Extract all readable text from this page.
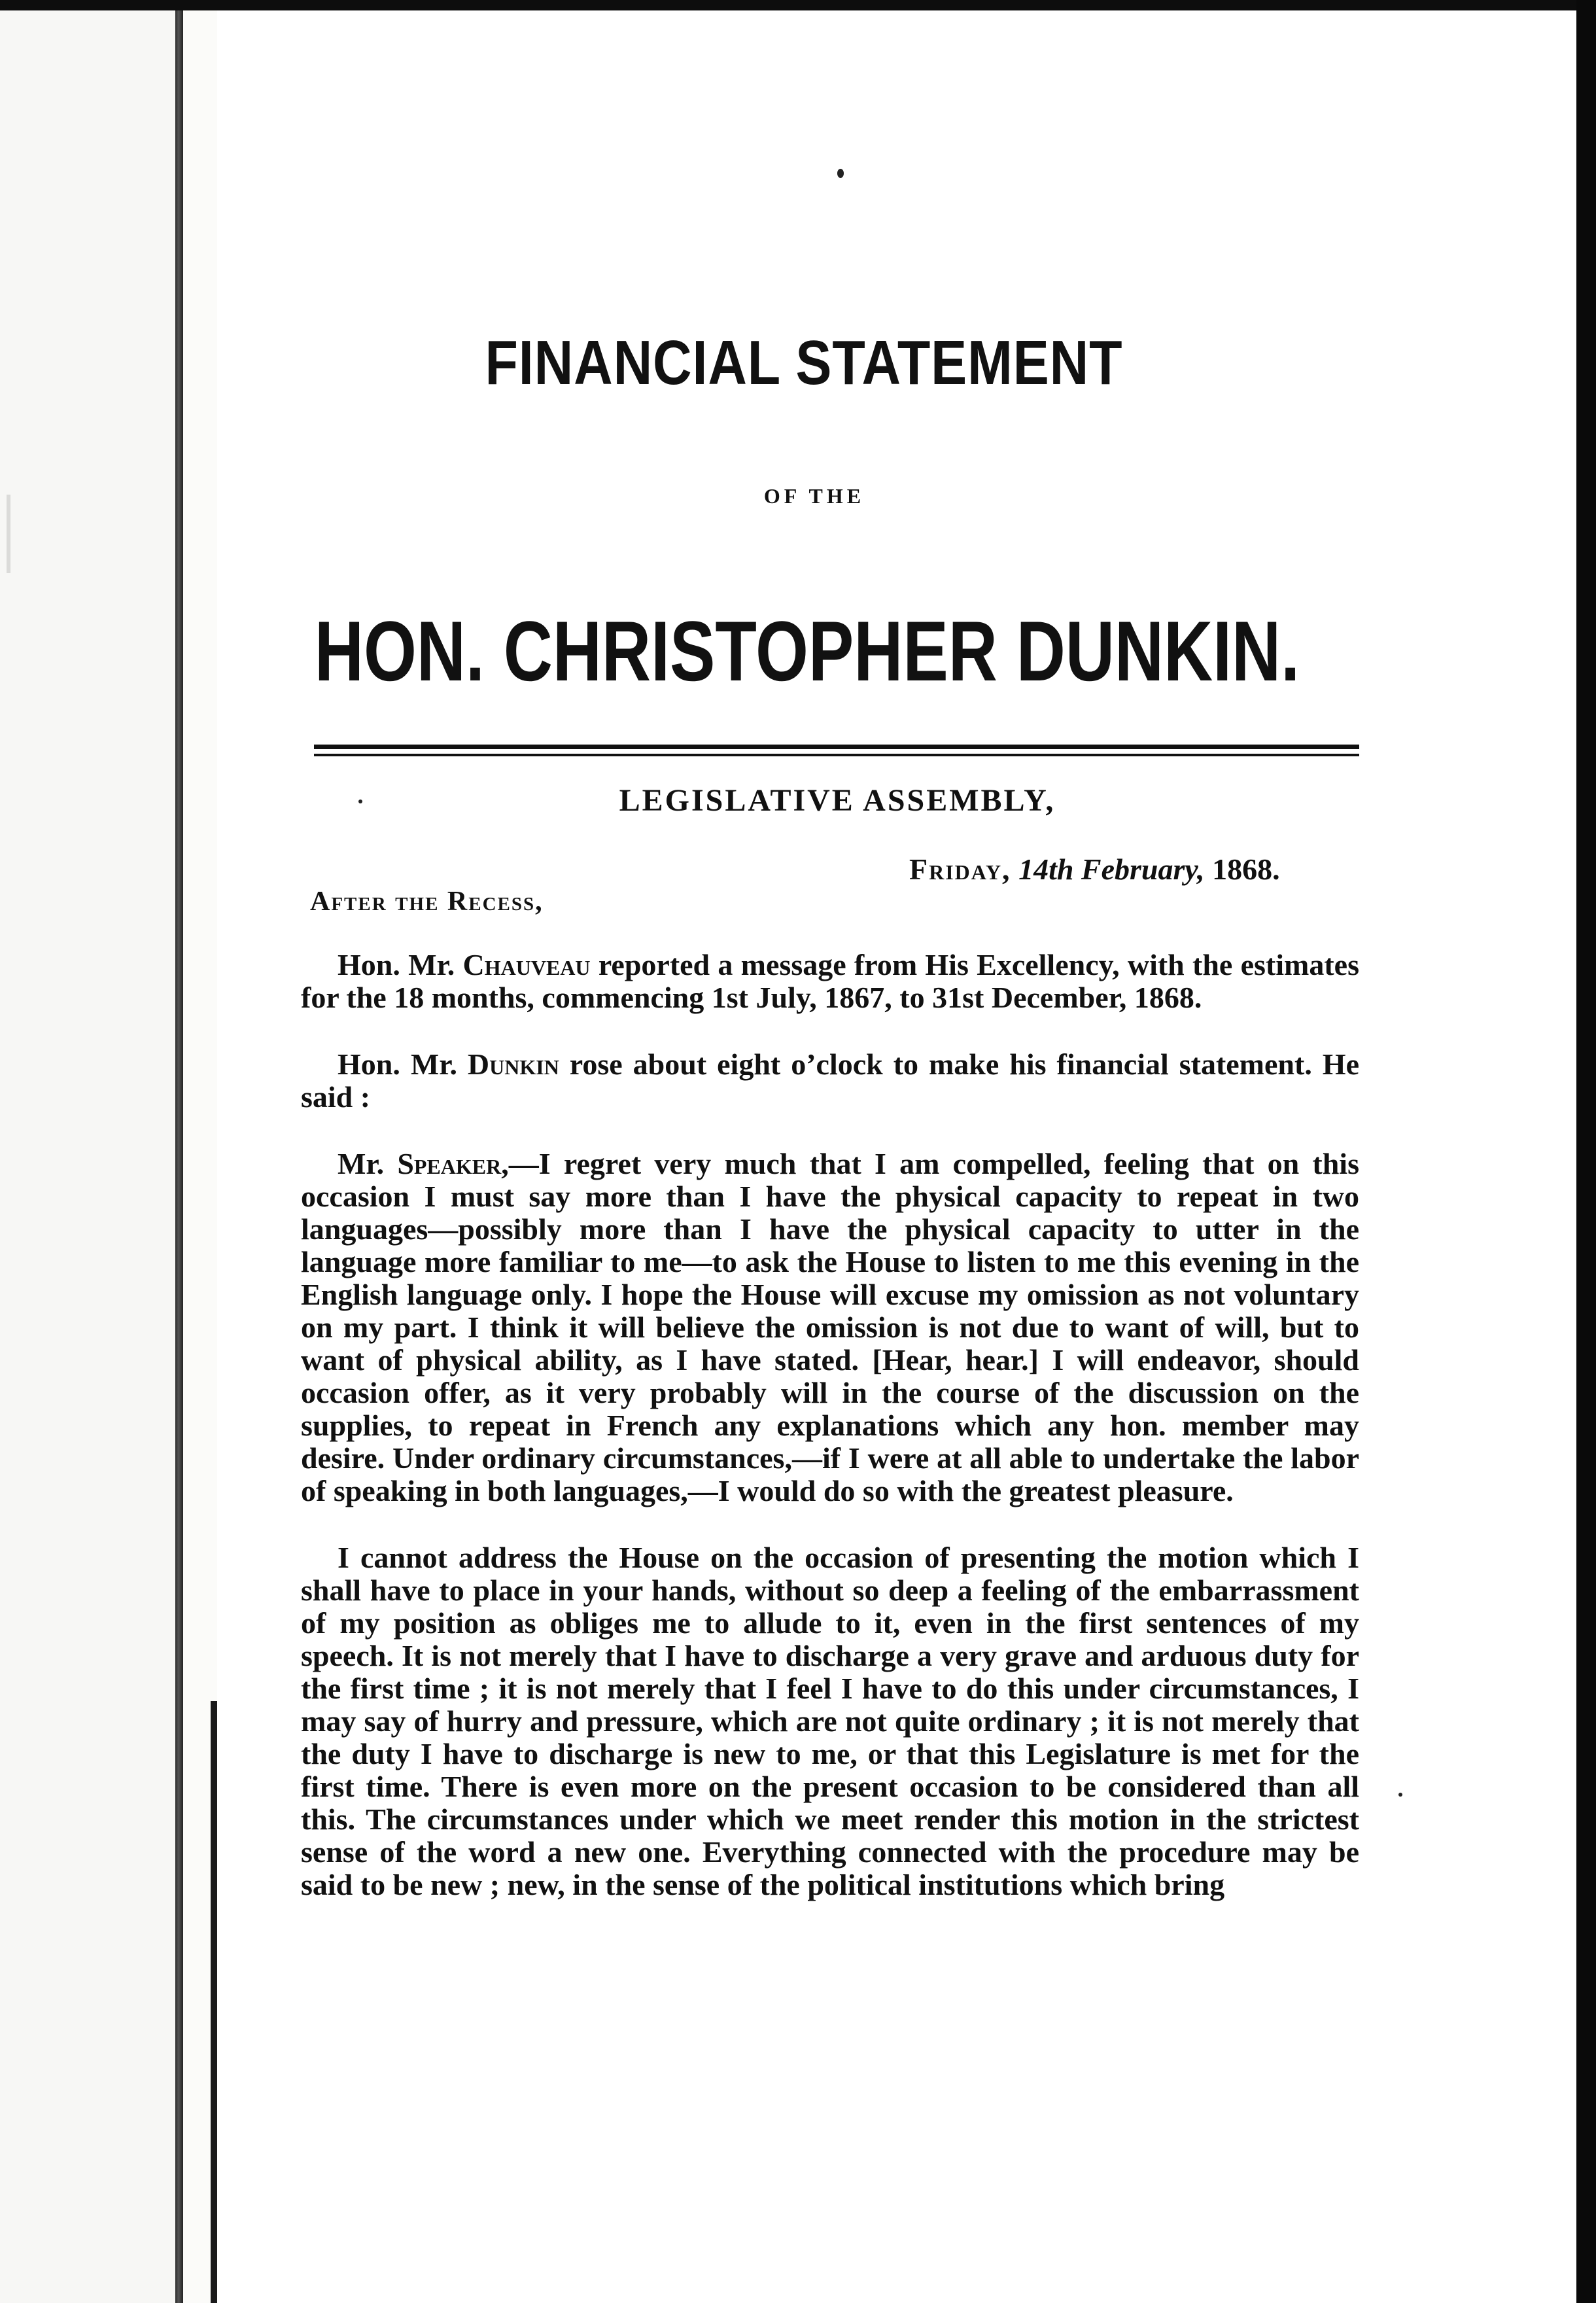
FINANCIAL STATEMENT
OF THE
HON. CHRISTOPHER DUNKIN.
LEGISLATIVE ASSEMBLY,
Friday, 14th February, 1868.
After the Recess,

Hon. Mr. Chauveau reported a message from His Excellency, with the estimates for the 18 months, commencing 1st July, 1867, to 31st December, 1868.

Hon. Mr. Dunkin rose about eight o’clock to make his financial statement. He said :

Mr. Speaker,—I regret very much that I am compelled, feeling that on this occasion I must say more than I have the physical capacity to repeat in two languages—possibly more than I have the physical capacity to utter in the language more familiar to me—to ask the House to listen to me this evening in the English language only. I hope the House will excuse my omission as not voluntary on my part. I think it will believe the omission is not due to want of will, but to want of physical ability, as I have stated. [Hear, hear.] I will endeavor, should occasion offer, as it very probably will in the course of the discussion on the supplies, to repeat in French any explanations which any hon. member may desire. Under ordinary circumstances,—if I were at all able to undertake the labor of speaking in both languages,—I would do so with the greatest pleasure.

I cannot address the House on the occasion of presenting the motion which I shall have to place in your hands, without so deep a feeling of the embarrassment of my position as obliges me to allude to it, even in the first sentences of my speech. It is not merely that I have to discharge a very grave and arduous duty for the first time ; it is not merely that I feel I have to do this under circumstances, I may say of hurry and pressure, which are not quite ordinary ; it is not merely that the duty I have to discharge is new to me, or that this Legislature is met for the first time. There is even more on the present occasion to be considered than all this. The circumstances under which we meet render this motion in the strictest sense of the word a new one. Everything connected with the procedure may be said to be new ; new, in the sense of the political institutions which bring
